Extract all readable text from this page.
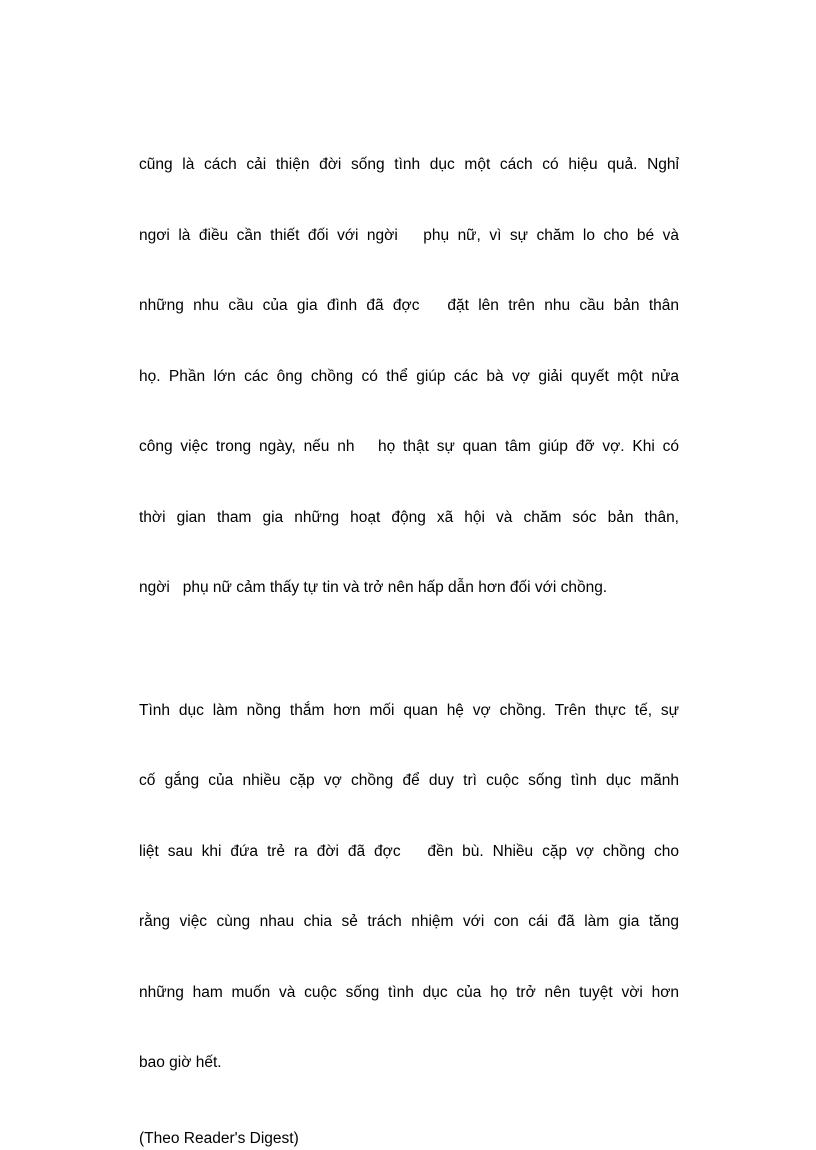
cũng là cách cải thiện đời sống tình dục một cách có hiệu quả. Nghỉ

ngơi là điều cần thiết đối với ngời   phụ nữ, vì sự chăm lo cho bé và

những nhu cầu của gia đình đã đợc   đặt lên trên nhu cầu bản thân

họ. Phần lớn các ông chồng có thể giúp các bà vợ giải quyết một nửa

công việc trong ngày, nếu nh   họ thật sự quan tâm giúp đỡ vợ. Khi có

thời gian tham gia những hoạt động xã hội và chăm sóc bản thân,

ngời   phụ nữ cảm thấy tự tin và trở nên hấp dẫn hơn đối với chồng.

Tình dục làm nồng thắm hơn mối quan hệ vợ chồng. Trên thực tế, sự

cố gắng của nhiều cặp vợ chồng để duy trì cuộc sống tình dục mãnh

liệt sau khi đứa trẻ ra đời đã đợc   đền bù. Nhiều cặp vợ chồng cho

rằng việc cùng nhau chia sẻ trách nhiệm với con cái đã làm gia tăng

những ham muốn và cuộc sống tình dục của họ trở nên tuyệt vời hơn

bao giờ hết.

(Theo Reader's Digest)
